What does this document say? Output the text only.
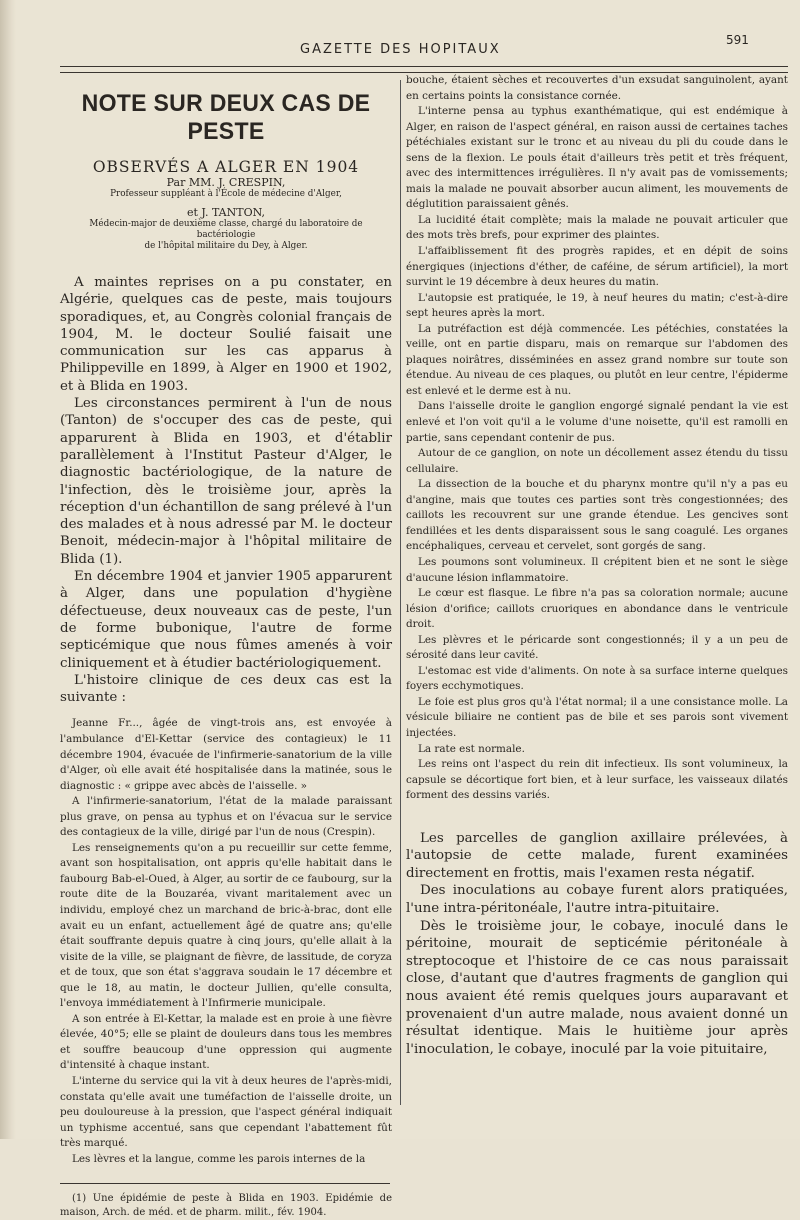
GAZETTE DES HOPITAUX
591
NOTE SUR DEUX CAS DE PESTE
OBSERVÉS A ALGER EN 1904

Par MM. J. CRESPIN,

Professeur suppléant à l'École de médecine d'Alger,

et J. TANTON,

Médecin-major de deuxième classe, chargé du laboratoire de bactériologie

de l'hôpital militaire du Dey, à Alger.

A maintes reprises on a pu constater, en Algérie, quelques cas de peste, mais toujours sporadiques, et, au Congrès colonial français de 1904, M. le docteur Soulié faisait une communication sur les cas apparus à Philippeville en 1899, à Alger en 1900 et 1902, et à Blida en 1903.

Les circonstances permirent à l'un de nous (Tanton) de s'occuper des cas de peste, qui apparurent à Blida en 1903, et d'établir parallèlement à l'Institut Pasteur d'Alger, le diagnostic bactériologique, de la nature de l'infection, dès le troisième jour, après la réception d'un échantillon de sang prélevé à l'un des malades et à nous adressé par M. le docteur Benoit, médecin-major à l'hôpital militaire de Blida (1).

En décembre 1904 et janvier 1905 apparurent à Alger, dans une population d'hygiène défectueuse, deux nouveaux cas de peste, l'un de forme bubonique, l'autre de forme septicémique que nous fûmes amenés à voir cliniquement et à étudier bactériologiquement.

L'histoire clinique de ces deux cas est la suivante :

Jeanne Fr..., âgée de vingt-trois ans, est envoyée à l'ambulance d'El-Kettar (service des contagieux) le 11 décembre 1904, évacuée de l'infirmerie-sanatorium de la ville d'Alger, où elle avait été hospitalisée dans la matinée, sous le diagnostic : « grippe avec abcès de l'aisselle. »

A l'infirmerie-sanatorium, l'état de la malade paraissant plus grave, on pensa au typhus et on l'évacua sur le service des contagieux de la ville, dirigé par l'un de nous (Crespin).

Les renseignements qu'on a pu recueillir sur cette femme, avant son hospitalisation, ont appris qu'elle habitait dans le faubourg Bab-el-Oued, à Alger, au sortir de ce faubourg, sur la route dite de la Bouzaréa, vivant maritalement avec un individu, employé chez un marchand de bric-à-brac, dont elle avait eu un enfant, actuellement âgé de quatre ans; qu'elle était souffrante depuis quatre à cinq jours, qu'elle allait à la visite de la ville, se plaignant de fièvre, de lassitude, de coryza et de toux, que son état s'aggrava soudain le 17 décembre et que le 18, au matin, le docteur Jullien, qu'elle consulta, l'envoya immédiatement à l'Infirmerie municipale.

A son entrée à El-Kettar, la malade est en proie à une fièvre élevée, 40°5; elle se plaint de douleurs dans tous les membres et souffre beaucoup d'une oppression qui augmente d'intensité à chaque instant.

L'interne du service qui la vit à deux heures de l'après-midi, constata qu'elle avait une tuméfaction de l'aisselle droite, un peu douloureuse à la pression, que l'aspect général indiquait un typhisme accentué, sans que cependant l'abattement fût très marqué.

Les lèvres et la langue, comme les parois internes de la

(1) Une épidémie de peste à Blida en 1903. Epidémie de maison, Arch. de méd. et de pharm. milit., fév. 1904.

bouche, étaient sèches et recouvertes d'un exsudat sanguinolent, ayant en certains points la consistance cornée.

L'interne pensa au typhus exanthématique, qui est endémique à Alger, en raison de l'aspect général, en raison aussi de certaines taches pétéchiales existant sur le tronc et au niveau du pli du coude dans le sens de la flexion. Le pouls était d'ailleurs très petit et très fréquent, avec des intermittences irrégulières. Il n'y avait pas de vomissements; mais la malade ne pouvait absorber aucun aliment, les mouvements de déglutition paraissaient gênés.

La lucidité était complète; mais la malade ne pouvait articuler que des mots très brefs, pour exprimer des plaintes.

L'affaiblissement fit des progrès rapides, et en dépit de soins énergiques (injections d'éther, de caféine, de sérum artificiel), la mort survint le 19 décembre à deux heures du matin.

L'autopsie est pratiquée, le 19, à neuf heures du matin; c'est-à-dire sept heures après la mort.

La putréfaction est déjà commencée. Les pétéchies, constatées la veille, ont en partie disparu, mais on remarque sur l'abdomen des plaques noirâtres, disséminées en assez grand nombre sur toute son étendue. Au niveau de ces plaques, ou plutôt en leur centre, l'épiderme est enlevé et le derme est à nu.

Dans l'aisselle droite le ganglion engorgé signalé pendant la vie est enlevé et l'on voit qu'il a le volume d'une noisette, qu'il est ramolli en partie, sans cependant contenir de pus.

Autour de ce ganglion, on note un décollement assez étendu du tissu cellulaire.

La dissection de la bouche et du pharynx montre qu'il n'y a pas eu d'angine, mais que toutes ces parties sont très congestionnées; des caillots les recouvrent sur une grande étendue. Les gencives sont fendillées et les dents disparaissent sous le sang coagulé. Les organes encéphaliques, cerveau et cervelet, sont gorgés de sang.

Les poumons sont volumineux. Il crépitent bien et ne sont le siège d'aucune lésion inflammatoire.

Le cœur est flasque. Le fibre n'a pas sa coloration normale; aucune lésion d'orifice; caillots cruoriques en abondance dans le ventricule droit.

Les plèvres et le péricarde sont congestionnés; il y a un peu de sérosité dans leur cavité.

L'estomac est vide d'aliments. On note à sa surface interne quelques foyers ecchymotiques.

Le foie est plus gros qu'à l'état normal; il a une consistance molle. La vésicule biliaire ne contient pas de bile et ses parois sont vivement injectées.

La rate est normale.

Les reins ont l'aspect du rein dit infectieux. Ils sont volumineux, la capsule se décortique fort bien, et à leur surface, les vaisseaux dilatés forment des dessins variés.

Les parcelles de ganglion axillaire prélevées, à l'autopsie de cette malade, furent examinées directement en frottis, mais l'examen resta négatif.

Des inoculations au cobaye furent alors pratiquées, l'une intra-péritonéale, l'autre intra-pituitaire.

Dès le troisième jour, le cobaye, inoculé dans le péritoine, mourait de septicémie péritonéale à streptocoque et l'histoire de ce cas nous paraissait close, d'autant que d'autres fragments de ganglion qui nous avaient été remis quelques jours auparavant et provenaient d'un autre malade, nous avaient donné un résultat identique. Mais le huitième jour après l'inoculation, le cobaye, inoculé par la voie pituitaire,
